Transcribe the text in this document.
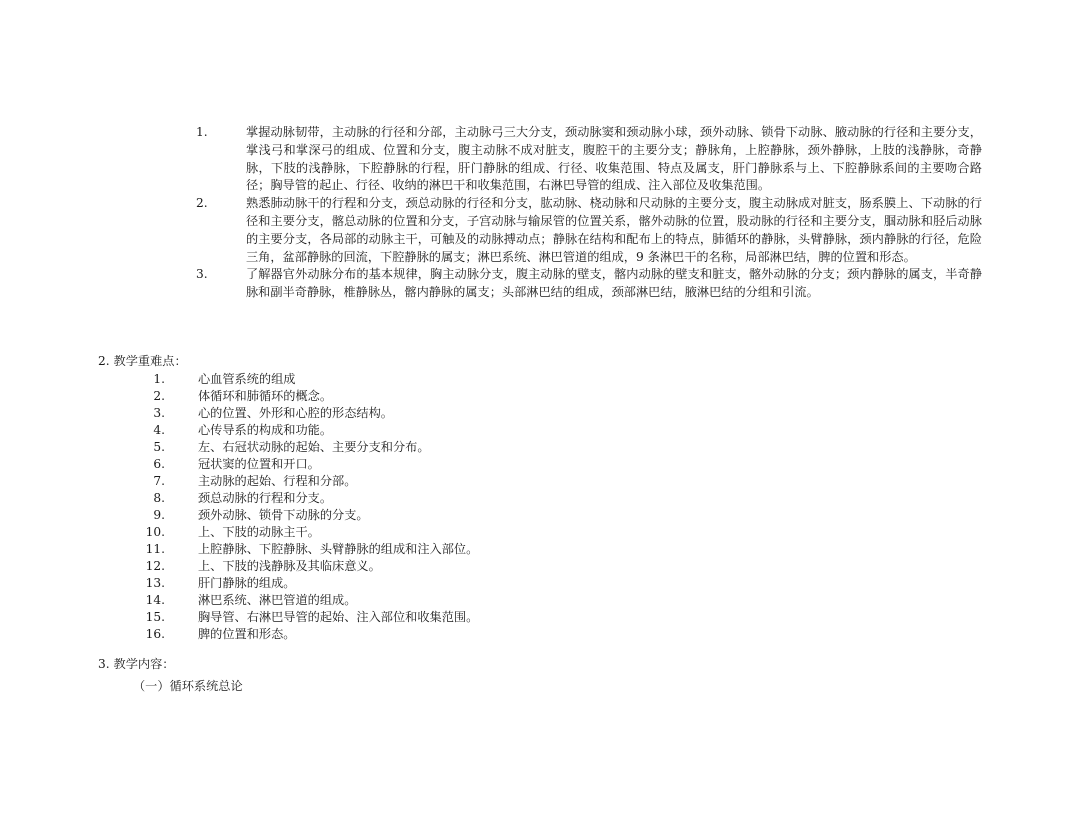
1.	掌握动脉韧带，主动脉的行径和分部，主动脉弓三大分支，颈动脉窦和颈动脉小球，颈外动脉、锁骨下动脉、腋动脉的行径和主要分支，掌浅弓和掌深弓的组成、位置和分支，腹主动脉不成对脏支，腹腔干的主要分支；静脉角，上腔静脉，颈外静脉，上肢的浅静脉，奇静脉，下肢的浅静脉，下腔静脉的行程，肝门静脉的组成、行径、收集范围、特点及属支，肝门静脉系与上、下腔静脉系间的主要吻合路径；胸导管的起止、行径、收纳的淋巴干和收集范围，右淋巴导管的组成、注入部位及收集范围。
2.	熟悉肺动脉干的行程和分支，颈总动脉的行径和分支，肱动脉、桡动脉和尺动脉的主要分支，腹主动脉成对脏支，肠系膜上、下动脉的行径和主要分支，髂总动脉的位置和分支，子宫动脉与输尿管的位置关系，髂外动脉的位置，股动脉的行径和主要分支，腘动脉和胫后动脉的主要分支，各局部的动脉主干，可触及的动脉搏动点；静脉在结构和配布上的特点，肺循环的静脉，头臂静脉，颈内静脉的行径，危险三角，盆部静脉的回流，下腔静脉的属支；淋巴系统、淋巴管道的组成，9 条淋巴干的名称，局部淋巴结，脾的位置和形态。
3.	了解器官外动脉分布的基本规律，胸主动脉分支，腹主动脉的壁支，髂内动脉的壁支和脏支，髂外动脉的分支；颈内静脉的属支，半奇静脉和副半奇静脉，椎静脉丛，髂内静脉的属支；头部淋巴结的组成，颈部淋巴结，腋淋巴结的分组和引流。
2. 教学重难点：
1.	心血管系统的组成
2.	体循环和肺循环的概念。
3.	心的位置、外形和心腔的形态结构。
4.	心传导系的构成和功能。
5.	左、右冠状动脉的起始、主要分支和分布。
6.	冠状窦的位置和开口。
7.	主动脉的起始、行程和分部。
8.	颈总动脉的行程和分支。
9.	颈外动脉、锁骨下动脉的分支。
10.	上、下肢的动脉主干。
11.	上腔静脉、下腔静脉、头臂静脉的组成和注入部位。
12.	上、下肢的浅静脉及其临床意义。
13.	肝门静脉的组成。
14.	淋巴系统、淋巴管道的组成。
15.	胸导管、右淋巴导管的起始、注入部位和收集范围。
16.	脾的位置和形态。
3. 教学内容：
（一）循环系统总论
